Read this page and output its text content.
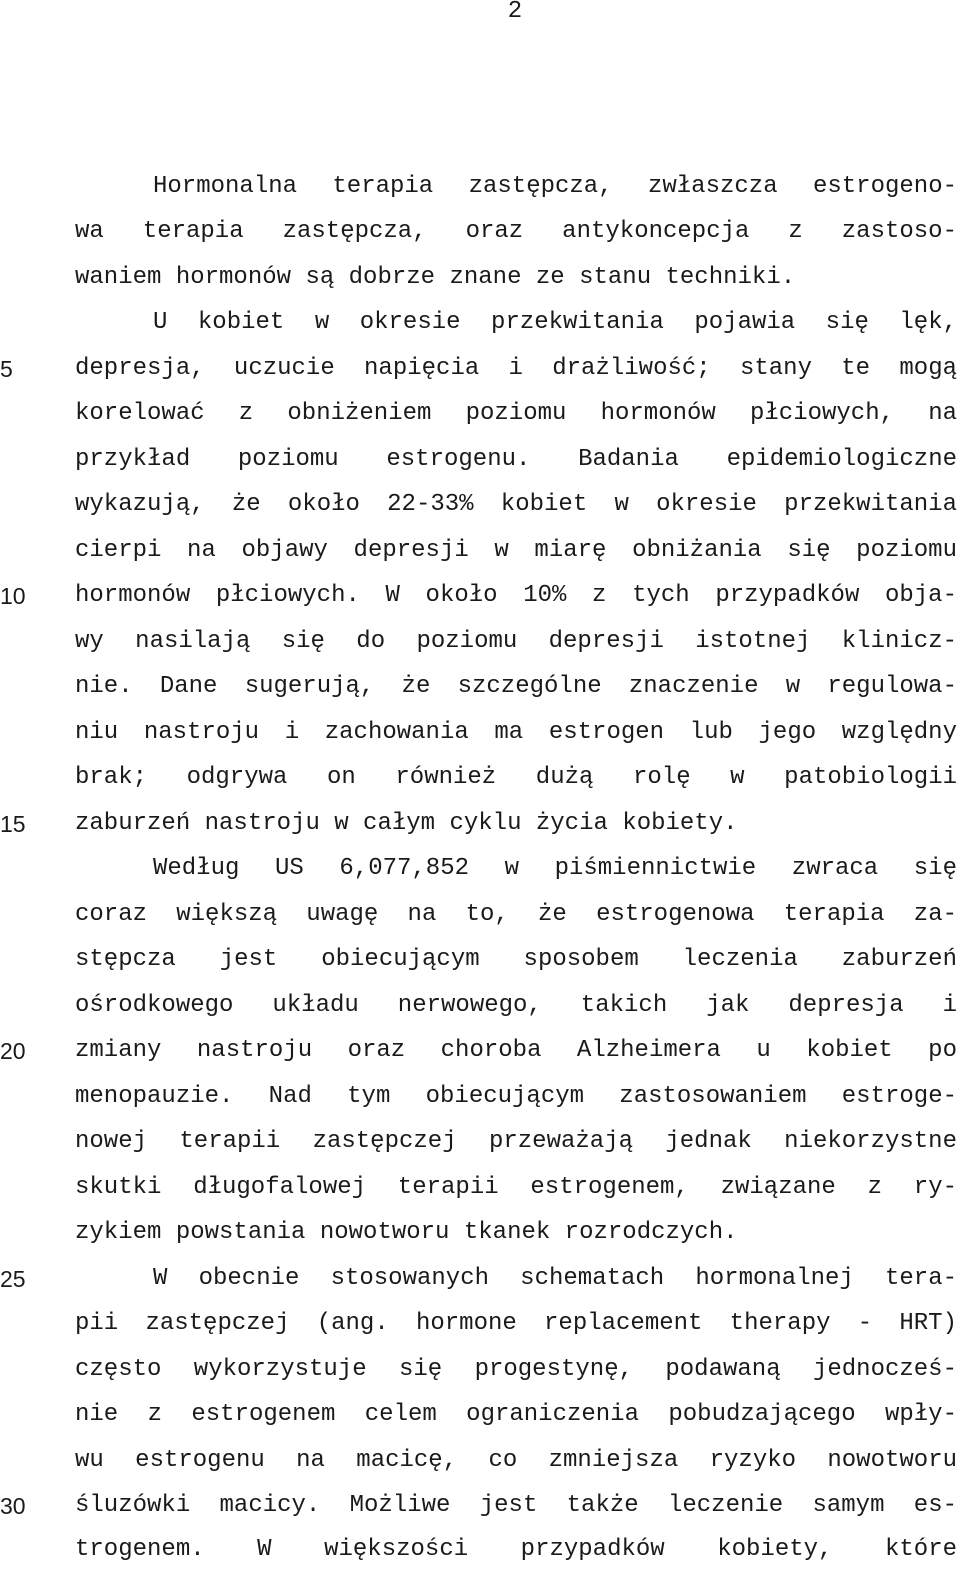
2
5
10
15
20
25
30
Hormonalna terapia zastępcza, zwłaszcza estrogeno-
wa terapia zastępcza, oraz antykoncepcja z zastoso-
waniem hormonów są dobrze znane ze stanu techniki.
U kobiet w okresie przekwitania pojawia się lęk,
depresja, uczucie napięcia i drażliwość; stany te mogą
korelować z obniżeniem poziomu hormonów płciowych, na
przykład poziomu estrogenu. Badania epidemiologiczne
wykazują, że około 22-33% kobiet w okresie przekwitania
cierpi na objawy depresji w miarę obniżania się poziomu
hormonów płciowych. W około 10% z tych przypadków obja-
wy nasilają się do poziomu depresji istotnej klinicz-
nie. Dane sugerują, że szczególne znaczenie w regulowa-
niu nastroju i zachowania ma estrogen lub jego względny
brak; odgrywa on również dużą rolę w patobiologii
zaburzeń nastroju w całym cyklu życia kobiety.
Według US 6,077,852 w piśmiennictwie zwraca się
coraz większą uwagę na to, że estrogenowa terapia za-
stępcza jest obiecującym sposobem leczenia zaburzeń
ośrodkowego układu nerwowego, takich jak depresja i
zmiany nastroju oraz choroba Alzheimera u kobiet po
menopauzie. Nad tym obiecującym zastosowaniem estroge-
nowej terapii zastępczej przeważają jednak niekorzystne
skutki długofalowej terapii estrogenem, związane z ry-
zykiem powstania nowotworu tkanek rozrodczych.
W obecnie stosowanych schematach hormonalnej tera-
pii zastępczej (ang. hormone replacement therapy - HRT)
często wykorzystuje się progestynę, podawaną jednocześ-
nie z estrogenem celem ograniczenia pobudzającego wpły-
wu estrogenu na macicę, co zmniejsza ryzyko nowotworu
śluzówki macicy. Możliwe jest także leczenie samym es-
trogenem. W większości przypadków kobiety, które
